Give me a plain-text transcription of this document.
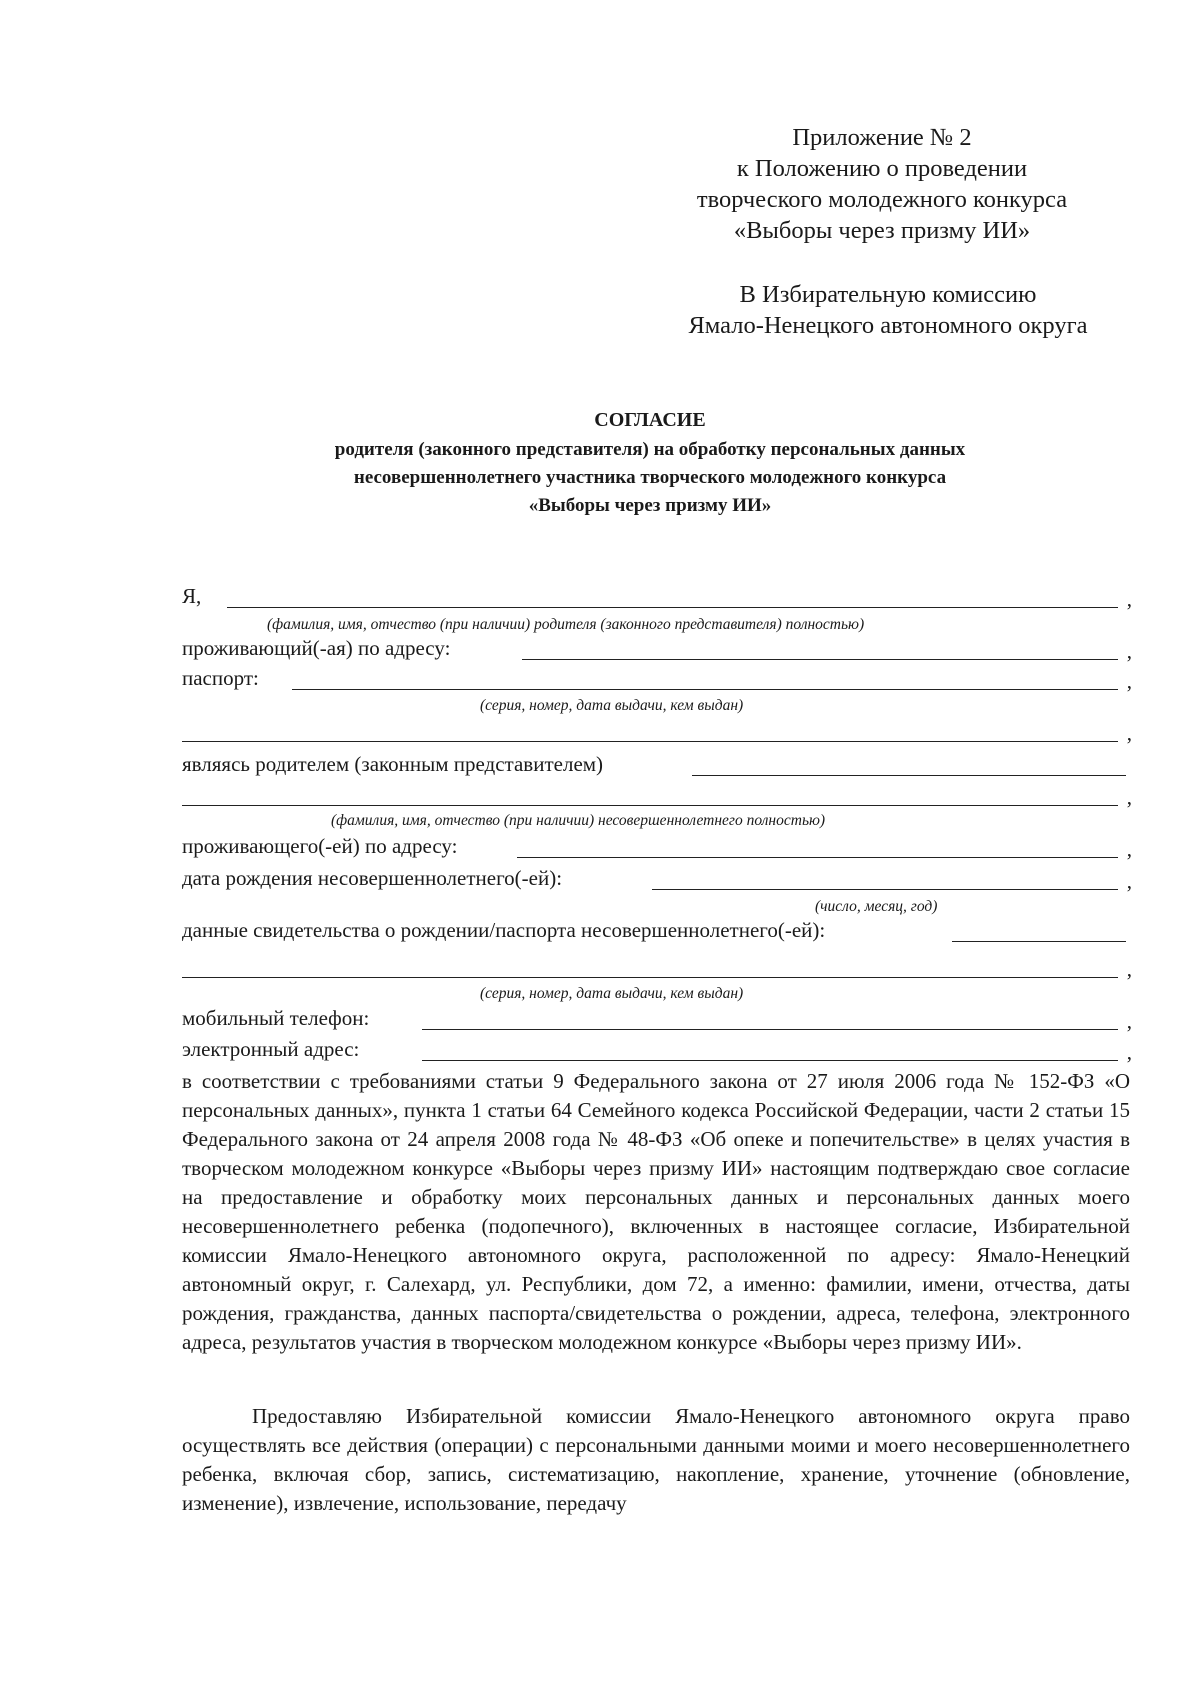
Приложение № 2
к Положению о проведении
творческого молодежного конкурса
«Выборы через призму ИИ»
В Избирательную комиссию
Ямало-Ненецкого автономного округа
СОГЛАСИЕ
родителя (законного представителя) на обработку персональных данных
несовершеннолетнего участника творческого молодежного конкурса
«Выборы через призму ИИ»
Я,	,
(фамилия, имя, отчество (при наличии) родителя (законного представителя) полностью)
проживающий(-ая) по адресу:	,
паспорт:	,
(серия, номер, дата выдачи, кем выдан)
,
являясь родителем (законным представителем)
,
(фамилия, имя, отчество (при наличии) несовершеннолетнего полностью)
проживающего(-ей) по адресу:	,
дата рождения несовершеннолетнего(-ей):	,
(число, месяц, год)
данные свидетельства о рождении/паспорта несовершеннолетнего(-ей):
,
(серия, номер, дата выдачи, кем выдан)
мобильный телефон:	,
электронный адрес:	,
в соответствии с требованиями статьи 9 Федерального закона от 27 июля 2006 года № 152-ФЗ «О персональных данных», пункта 1 статьи 64 Семейного кодекса Российской Федерации, части 2 статьи 15 Федерального закона от 24 апреля 2008 года № 48-ФЗ «Об опеке и попечительстве» в целях участия в творческом молодежном конкурсе «Выборы через призму ИИ» настоящим подтверждаю свое согласие на предоставление и обработку моих персональных данных и персональных данных моего несовершеннолетнего ребенка (подопечного), включенных в настоящее согласие, Избирательной комиссии Ямало-Ненецкого автономного округа, расположенной по адресу: Ямало-Ненецкий автономный округ, г. Салехард, ул. Республики, дом 72, а именно: фамилии, имени, отчества, даты рождения, гражданства, данных паспорта/свидетельства о рождении, адреса, телефона, электронного адреса, результатов участия в творческом молодежном конкурсе «Выборы через призму ИИ».
Предоставляю Избирательной комиссии Ямало-Ненецкого автономного округа право осуществлять все действия (операции) с персональными данными моими и моего несовершеннолетнего ребенка, включая сбор, запись, систематизацию, накопление, хранение, уточнение (обновление, изменение), извлечение, использование, передачу
